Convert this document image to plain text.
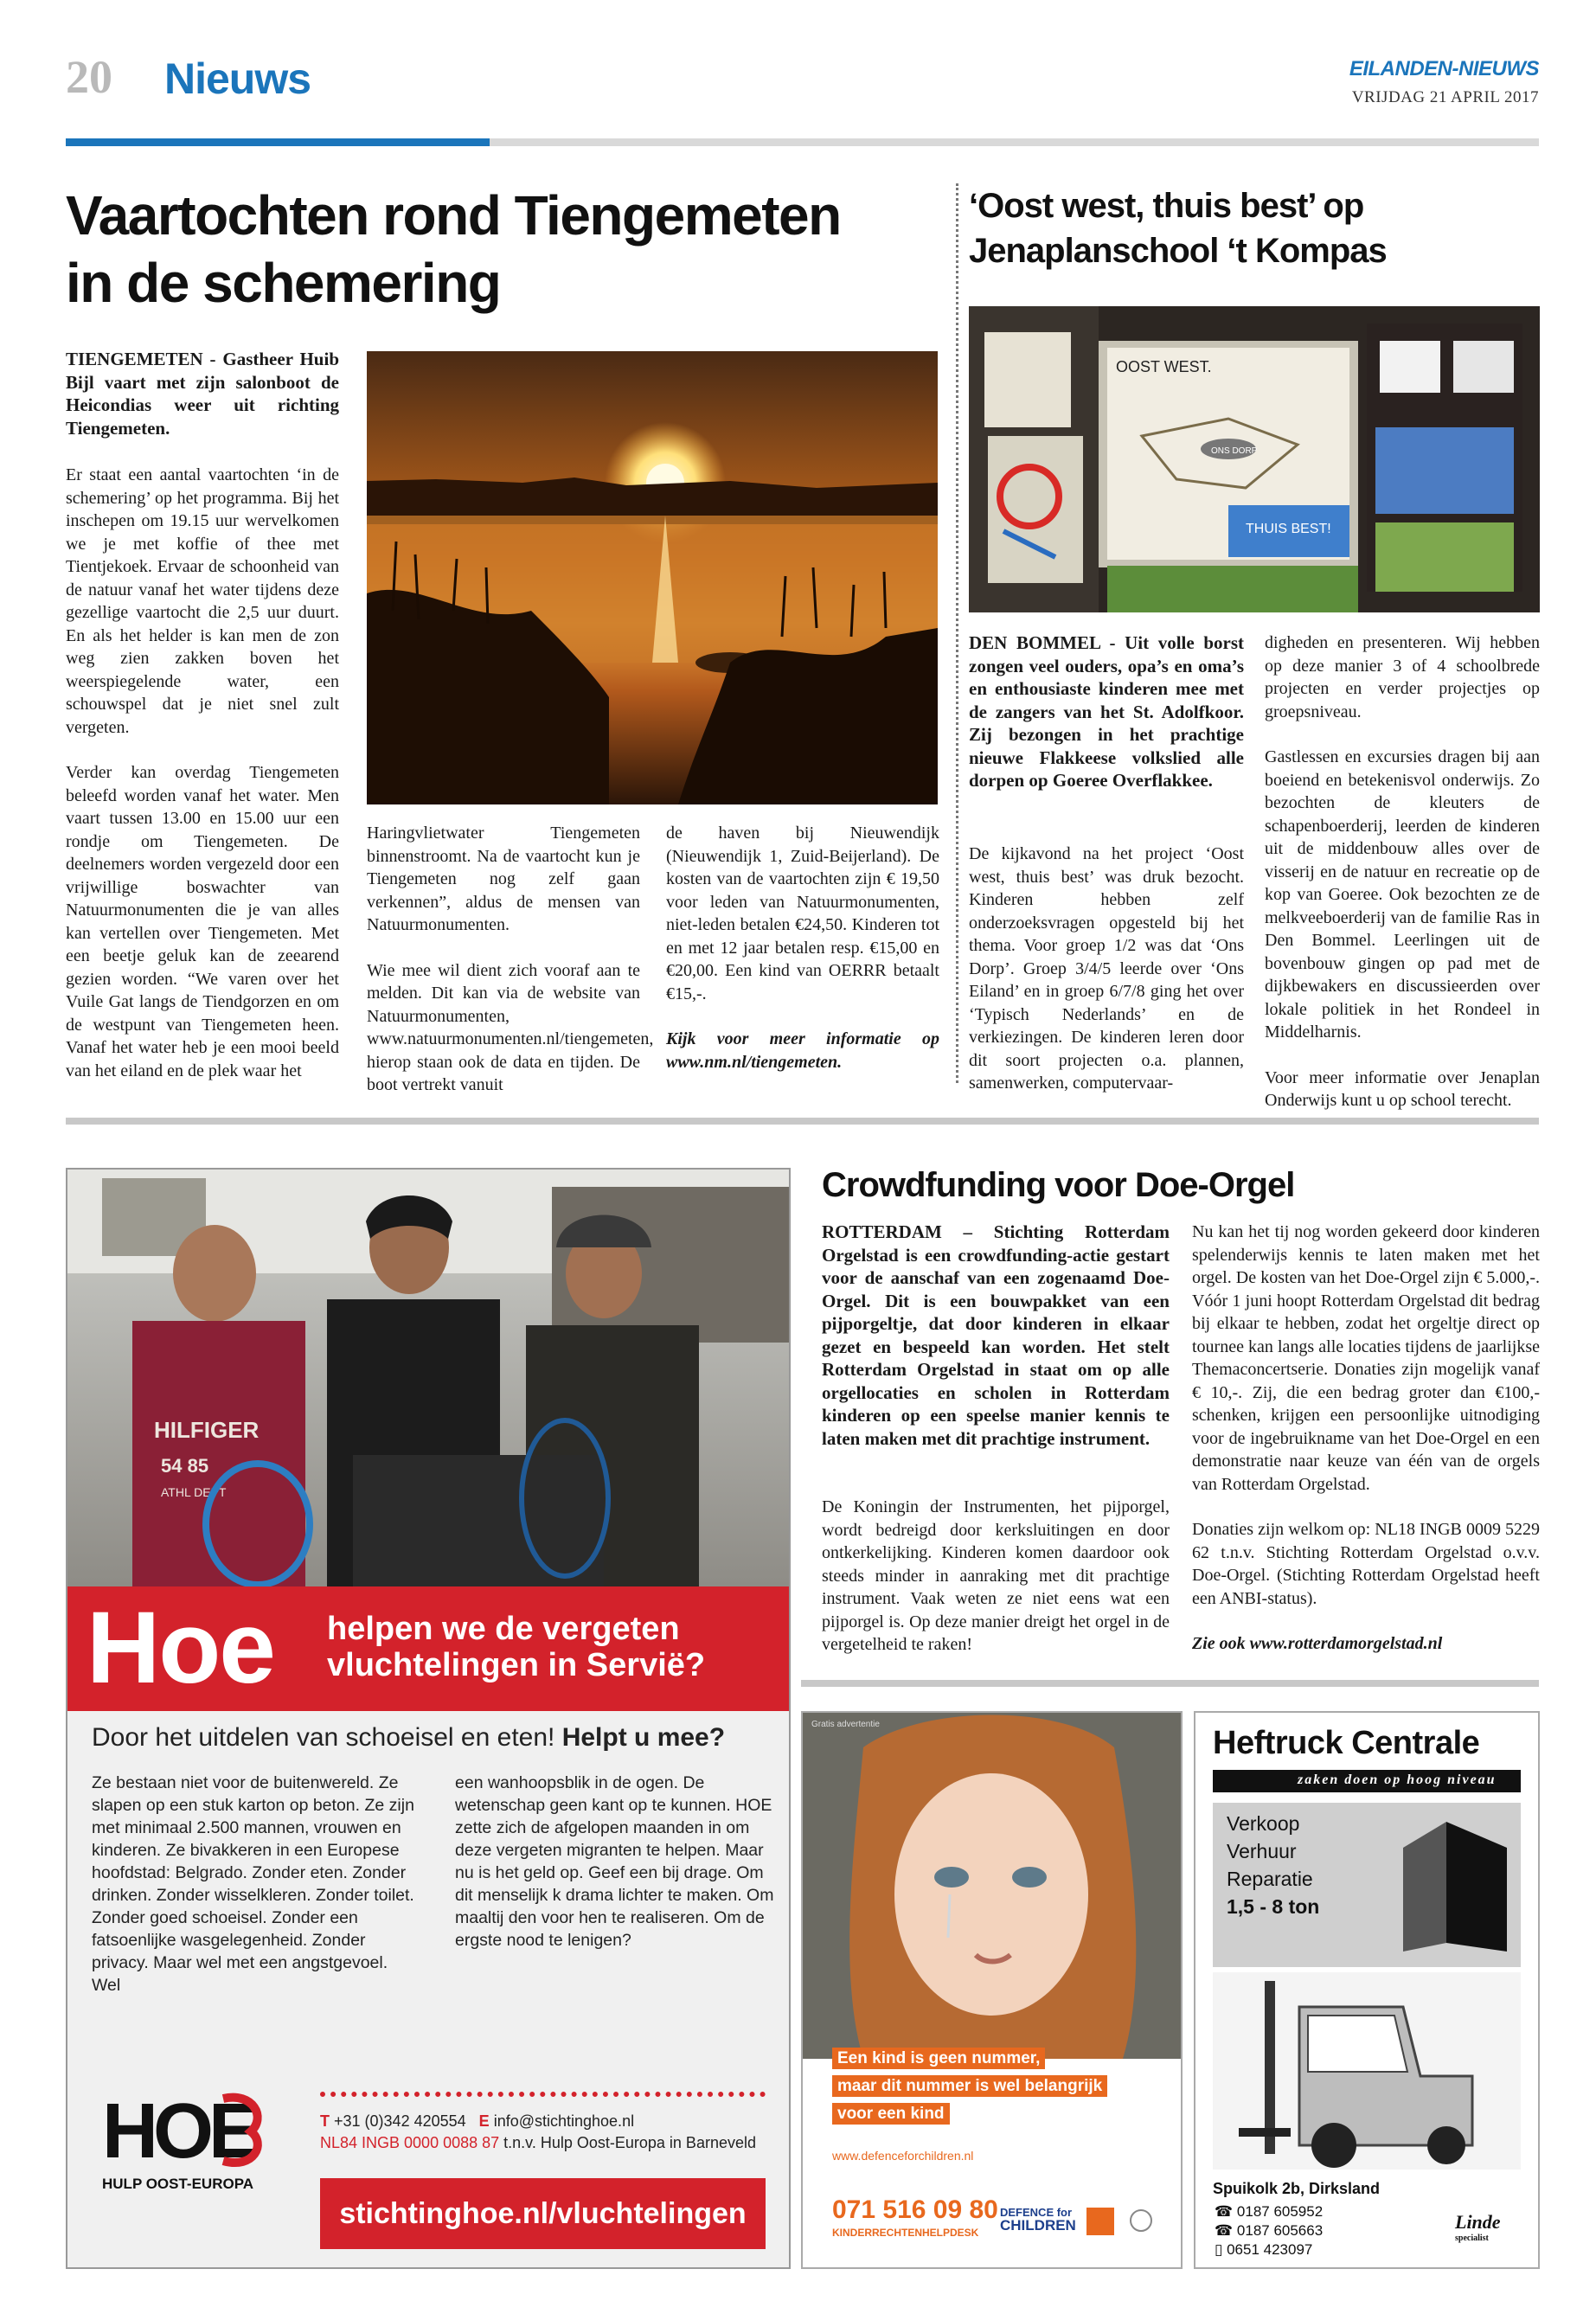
20 Nieuws	EILANDEN-NIEUWS
VRIJDAG 21 APRIL 2017
Vaartochten rond Tiengemeten
in de schemering
TIENGEMETEN - Gastheer Huib Bijl vaart met zijn salonboot de Heicondias weer uit richting Tiengemeten.

Er staat een aantal vaartochten ‘in de schemering’ op het programma. Bij het inschepen om 19.15 uur wervelkomen we je met koffie of thee met Tientjekoek. Ervaar de schoonheid van de natuur vanaf het water tijdens deze gezellige vaartocht die 2,5 uur duurt. En als het helder is kan men de zon weg zien zakken boven het weerspiegelende water, een schouwspel dat je niet snel zult vergeten.

Verder kan overdag Tiengemeten beleefd worden vanaf het water. Men vaart tussen 13.00 en 15.00 uur een rondje om Tiengemeten. De deelnemers worden vergezeld door een vrijwillige boswachter van Natuurmonumenten die je van alles kan vertellen over Tiengemeten. Met een beetje geluk kan de zeearend gezien worden. “We varen over het Vuile Gat langs de Tiendgorzen en om de westpunt van Tiengemeten heen. Vanaf het water heb je een mooi beeld van het eiland en de plek waar het

Haringvlietwater Tiengemeten binnenstroomt. Na de vaartocht kun je Tiengemeten nog zelf gaan verkennen”, aldus de mensen van Natuurmonumenten.

Wie mee wil dient zich vooraf aan te melden. Dit kan via de website van Natuurmonumenten, www.natuurmonumenten.nl/tiengemeten, hierop staan ook de data en tijden. De boot vertrekt vanuit

de haven bij Nieuwendijk (Nieuwendijk 1, Zuid-Beijerland). De kosten van de vaartochten zijn € 19,50 voor leden van Natuurmonumenten, niet-leden betalen €24,50. Kinderen tot en met 12 jaar betalen resp. €15,00 en €20,00. Een kind van OERRR betaalt €15,-.

Kijk voor meer informatie op www.nm.nl/tiengemeten.

‘Oost west, thuis best’ op
Jenaplanschool ‘t Kompas
OOST WEST.
ONS DORP
THUIS BEST!
DEN BOMMEL - Uit volle borst zongen veel ouders, opa’s en oma’s en enthousiaste kinderen mee met de zangers van het St. Adolfkoor. Zij bezongen in het prachtige nieuwe Flakkeese volkslied alle dorpen op Goeree Overflakkee.

De kijkavond na het project ‘Oost west, thuis best’ was druk bezocht. Kinderen hebben zelf onderzoeksvragen opgesteld bij het thema. Voor groep 1/2 was dat ‘Ons Dorp’. Groep 3/4/5 leerde over ‘Ons Eiland’ en in groep 6/7/8 ging het over ‘Typisch Nederlands’ en de verkiezingen. De kinderen leren door dit soort projecten o.a. plannen, samenwerken, computervaar-

digheden en presenteren. Wij hebben op deze manier 3 of 4 schoolbrede projecten en verder projectjes op groepsniveau.

Gastlessen en excursies dragen bij aan boeiend en betekenisvol onderwijs. Zo bezochten de kleuters de schapenboerderij, leerden de kinderen uit de middenbouw alles over de visserij en de natuur en recreatie op de kop van Goeree. Ook bezochten ze de melkveeboerderij van de familie Ras in Den Bommel. Leerlingen uit de bovenbouw gingen op pad met de dijkbewakers en discussieerden over lokale politiek in het Rondeel in Middelharnis.

Voor meer informatie over Jenaplan Onderwijs kunt u op school terecht.

HILFIGER
54 85
ATHL DEPT
Hoe helpen we de vergeten
vluchtelingen in Servië?
Door het uitdelen van schoeisel en eten! Helpt u mee?
Ze bestaan niet voor de buitenwereld. Ze slapen op een stuk karton op beton. Ze zijn met minimaal 2.500 mannen, vrouwen en kinderen. Ze bivakkeren in een Europese hoofdstad: Belgrado. Zonder eten. Zonder drinken. Zonder wisselkleren. Zonder toilet. Zonder goed schoeisel. Zonder een fatsoenlijke wasgelegenheid. Zonder privacy. Maar wel met een angstgevoel. Wel
een wanhoopsblik in de ogen. De wetenschap geen kant op te kunnen. HOE zette zich de afgelopen maanden in om deze vergeten migranten te helpen. Maar nu is het geld op. Geef een bij drage. Om dit menselijk k drama lichter te maken. Om maaltij den voor hen te realiseren. Om de ergste nood te lenigen?
HOE
HULP OOST-EUROPA
T +31 (0)342 420554 E info@stichtinghoe.nl
NL84 INGB 0000 0088 87 t.n.v. Hulp Oost-Europa in Barneveld
stichtinghoe.nl/vluchtelingen
Crowdfunding voor Doe-Orgel
ROTTERDAM – Stichting Rotterdam Orgelstad is een crowdfunding-actie gestart voor de aanschaf van een zogenaamd Doe-Orgel. Dit is een bouwpakket van een pijporgeltje, dat door kinderen in elkaar gezet en bespeeld kan worden. Het stelt Rotterdam Orgelstad in staat om op alle orgellocaties en scholen in Rotterdam kinderen op een speelse manier kennis te laten maken met dit prachtige instrument.

De Koningin der Instrumenten, het pijporgel, wordt bedreigd door kerksluitingen en door ontkerkelijking. Kinderen komen daardoor ook steeds minder in aanraking met dit prachtige instrument. Vaak weten ze niet eens wat een pijporgel is. Op deze manier dreigt het orgel in de vergetelheid te raken!

Nu kan het tij nog worden gekeerd door kinderen spelenderwijs kennis te laten maken met het orgel. De kosten van het Doe-Orgel zijn € 5.000,-. Vóór 1 juni hoopt Rotterdam Orgelstad dit bedrag bij elkaar te hebben, zodat het orgeltje direct op tournee kan langs alle locaties tijdens de jaarlijkse Themaconcertserie. Donaties zijn mogelijk vanaf € 10,-. Zij, die een bedrag groter dan €100,- schenken, krijgen een persoonlijke uitnodiging voor de ingebruikname van het Doe-Orgel en een demonstratie naar keuze van één van de orgels van Rotterdam Orgelstad.

Donaties zijn welkom op: NL18 INGB 0009 5229 62 t.n.v. Stichting Rotterdam Orgelstad o.v.v. Doe-Orgel. (Stichting Rotterdam Orgelstad heeft een ANBI-status).

Zie ook www.rotterdamorgelstad.nl

Gratis advertentie
Een kind is geen nummer,
maar dit nummer is wel belangrijk
voor een kind
www.defenceforchildren.nl
071 516 09 80
KINDERRECHTENHELPDESK
DEFENCE for
CHILDREN
Heftruck Centrale
zaken doen op hoog niveau
Verkoop
Verhuur
Reparatie
1,5 - 8 ton
Spuikolk 2b, Dirksland
☎ 0187 605952
☎ 0187 605663
▯ 0651 423097
Linde
specialist
